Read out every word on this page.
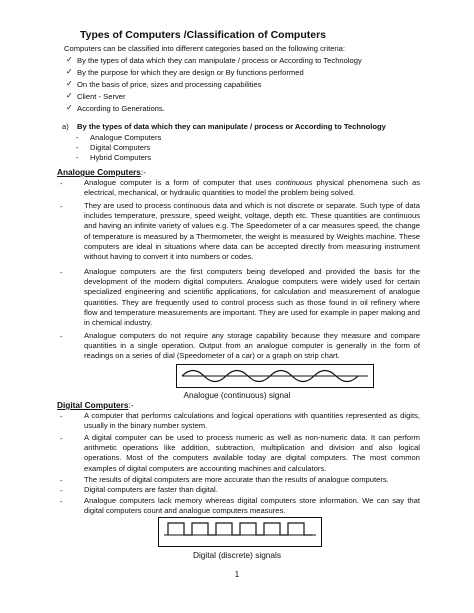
Types of Computers /Classification of Computers
Computers can be classified into different categories based on the following criteria:
✓ By the types of data which they can manipulate / process or According to Technology
✓ By the purpose for which they are design or By functions performed
✓ On the basis of price, sizes and processing capabilities
✓ Client - Server
✓ According to Generations.
a) By the types of data which they can manipulate / process or According to Technology
- Analogue Computers
- Digital Computers
- Hybrid Computers
Analogue Computers:-
-	Analogue computer is a form of computer that uses continuous physical phenomena such as electrical, mechanical, or hydraulic quantities to model the problem being solved.
-	They are used to process continuous data and which is not discrete or separate. Such type of data includes temperature, pressure, speed weight, voltage, depth etc. These quantities are continuous and having an infinite variety of values e.g. The Speedometer of a car measures speed, the change of temperature is measured by a Thermometer, the weight is measured by Weights machine. These computers are ideal in situations where data can be accepted directly from measuring instrument without having to convert it into numbers or codes.
-	Analogue computers are the first computers being developed and provided the basis for the development of the modern digital computers. Analogue computers were widely used for certain specialized engineering and scientific applications, for calculation and measurement of analogue quantities. They are frequently used to control process such as those found in oil refinery where flow and temperature measurements are important. They are used for example in paper making and in chemical industry.
-	Analogue computers do not require any storage capability because they measure and compare quantities in a single operation. Output from an analogue computer is generally in the form of readings on a series of dial (Speedometer of a car) or a graph on strip chart.
Analogue (continuous) signal
Digital Computers:-
-	A computer that performs calculations and logical operations with quantities represented as digits, usually in the binary number system.
-	A digital computer can be used to process numeric as well as non-numeric data. It can perform arithmetic operations like addition, subtraction, multiplication and division and also logical operations. Most of the computers available today are digital computers. The most common examples of digital computers are accounting machines and calculators.
-	The results of digital computers are more accurate than the results of analogue computers.
-	Digital computers are faster than digital.
-	Analogue computers lack memory whereas digital computers store information. We can say that digital computers count and analogue computers measures.
Digital (discrete) signals
1
